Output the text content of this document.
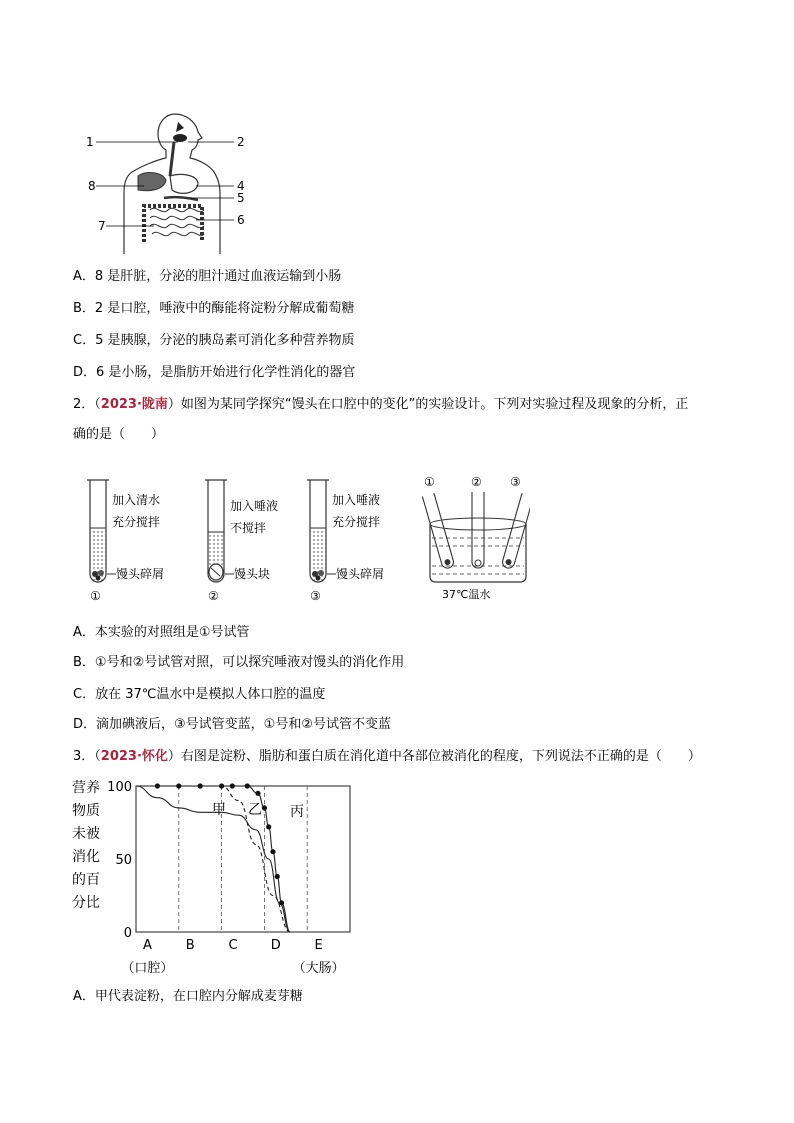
1	2
4
5
6
7
8
A．8 是肝脏，分泌的胆汁通过血液运输到小肠
B．2 是口腔，唾液中的酶能将淀粉分解成葡萄糖
C．5 是胰腺，分泌的胰岛素可消化多种营养物质
D．6 是小肠，是脂肪开始进行化学性消化的器官
2．（2023·陇南）如图为某同学探究“馒头在口腔中的变化”的实验设计。下列对实验过程及现象的分析，正
确的是（　　）
加入清水
充分搅拌
馒头碎屑
①
加入唾液
不搅拌
馒头块
②
加入唾液
充分搅拌
馒头碎屑
③
①	② ③
37℃温水
A．本实验的对照组是①号试管
B．①号和②号试管对照，可以探究唾液对馒头的消化作用
C．放在 37℃温水中是模拟人体口腔的温度
D．滴加碘液后，③号试管变蓝，①号和②号试管不变蓝
3．（2023·怀化）右图是淀粉、脂肪和蛋白质在消化道中各部位被消化的程度，下列说法不正确的是（　　）
营养
物质
未被
消化
的百
分比
100
50
0
A	B	C	D	E
（口腔）	（大肠）
甲 乙 丙
A．甲代表淀粉，在口腔内分解成麦芽糖
